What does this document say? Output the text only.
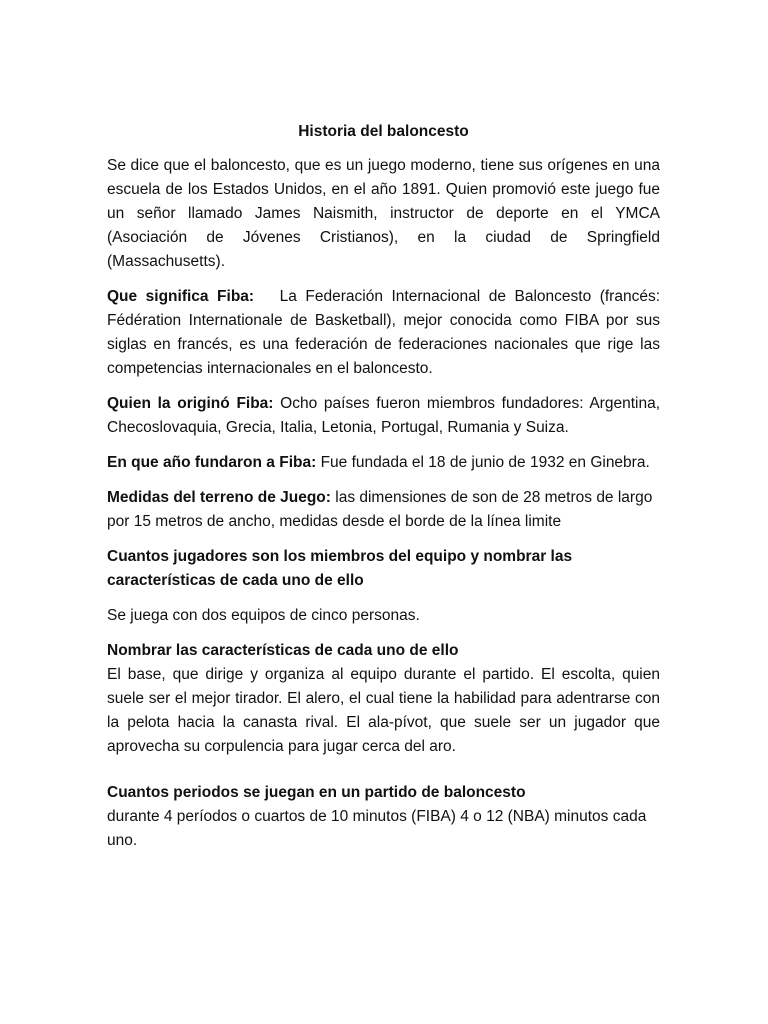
Historia del baloncesto

Se dice que el baloncesto, que es un juego moderno, tiene sus orígenes en una escuela de los Estados Unidos, en el año 1891. Quien promovió este juego fue un señor llamado James Naismith, instructor de deporte en el YMCA (Asociación de Jóvenes Cristianos), en la ciudad de Springfield (Massachusetts).

Que significa Fiba: La Federación Internacional de Baloncesto (francés: Fédération Internationale de Basketball), mejor conocida como FIBA por sus siglas en francés, es una federación de federaciones nacionales que rige las competencias internacionales en el baloncesto.

Quien la originó Fiba: Ocho países fueron miembros fundadores: Argentina, Checoslovaquia, Grecia, Italia, Letonia, Portugal, Rumania y Suiza.

En que año fundaron a Fiba: Fue fundada el 18 de junio de 1932 en Ginebra.

Medidas del terreno de Juego: las dimensiones de son de 28 metros de largo por 15 metros de ancho, medidas desde el borde de la línea limite

Cuantos jugadores son los miembros del equipo y nombrar las características de cada uno de ello

Se juega con dos equipos de cinco personas.

Nombrar las características de cada uno de ello

El base, que dirige y organiza al equipo durante el partido. El escolta, quien suele ser el mejor tirador. El alero, el cual tiene la habilidad para adentrarse con la pelota hacia la canasta rival. El ala-pívot, que suele ser un jugador que aprovecha su corpulencia para jugar cerca del aro.

Cuantos periodos se juegan en un partido de baloncesto

durante 4 períodos o cuartos de 10 minutos (FIBA) 4 o 12 (NBA) minutos cada uno.
